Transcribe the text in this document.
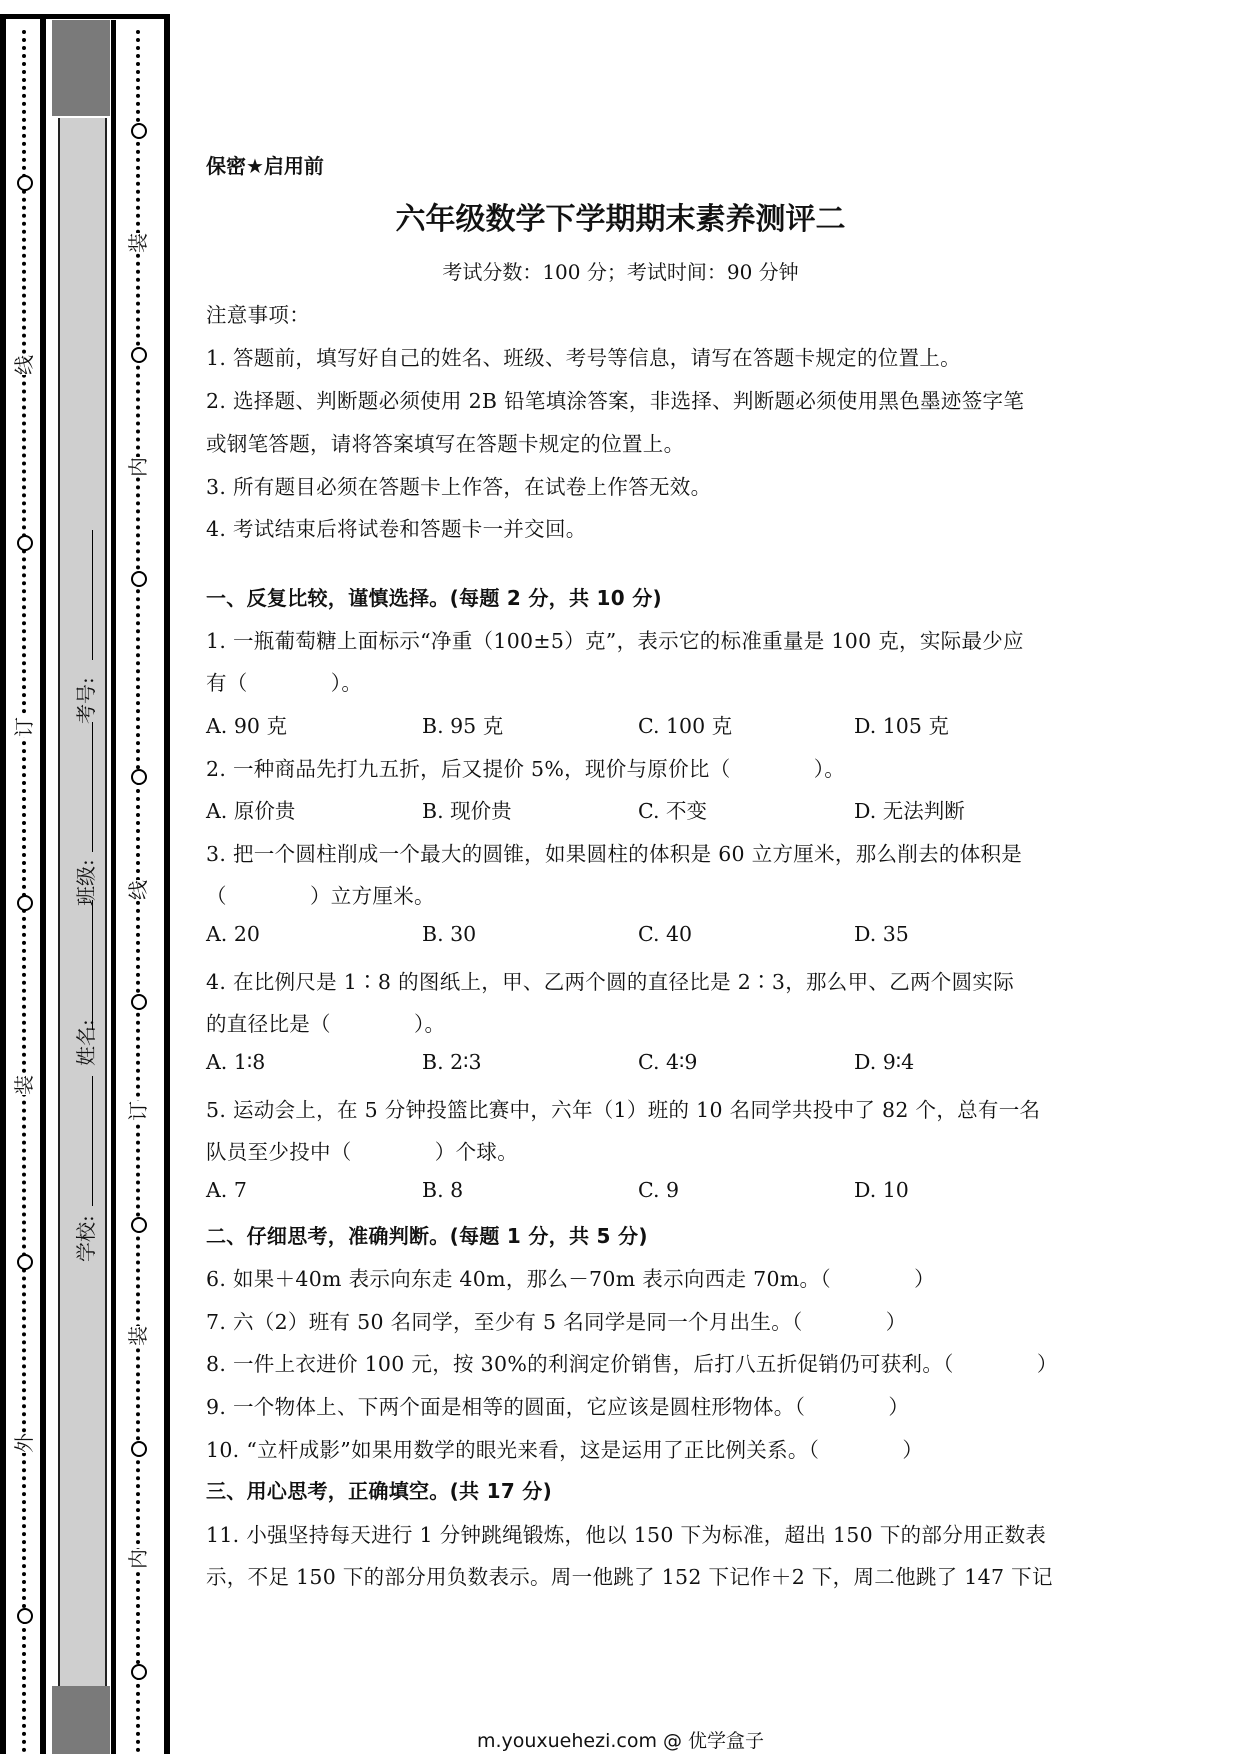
线
订
装
外
装
内
线
订
装
内
学校:
姓名:
班级:
考号:
保密★启用前
六年级数学下学期期末素养测评二
考试分数：100 分；考试时间：90 分钟
注意事项：
1. 答题前，填写好自己的姓名、班级、考号等信息，请写在答题卡规定的位置上。
2. 选择题、判断题必须使用 2B 铅笔填涂答案，非选择、判断题必须使用黑色墨迹签字笔
或钢笔答题，请将答案填写在答题卡规定的位置上。
3. 所有题目必须在答题卡上作答，在试卷上作答无效。
4. 考试结束后将试卷和答题卡一并交回。
一、反复比较，谨慎选择。(每题 2 分，共 10 分)
1. 一瓶葡萄糖上面标示“净重（100±5）克”，表示它的标准重量是 100 克，实际最少应
有（　　　　）。
A. 90 克	B. 95 克	C. 100 克	D. 105 克
2. 一种商品先打九五折，后又提价 5%，现价与原价比（　　　　）。
A. 原价贵	B. 现价贵	C. 不变	D. 无法判断
3. 把一个圆柱削成一个最大的圆锥，如果圆柱的体积是 60 立方厘米，那么削去的体积是
（　　　　）立方厘米。
A. 20	B. 30	C. 40	D. 35
4. 在比例尺是 1∶8 的图纸上，甲、乙两个圆的直径比是 2∶3，那么甲、乙两个圆实际
的直径比是（　　　　）。
A. 1∶8	B. 2∶3	C. 4∶9	D. 9∶4
5. 运动会上，在 5 分钟投篮比赛中，六年（1）班的 10 名同学共投中了 82 个，总有一名
队员至少投中（　　　　）个球。
A. 7	B. 8	C. 9	D. 10
二、仔细思考，准确判断。(每题 1 分，共 5 分)
6. 如果＋40m 表示向东走 40m，那么－70m 表示向西走 70m。（　　　　）
7. 六（2）班有 50 名同学，至少有 5 名同学是同一个月出生。（　　　　）
8. 一件上衣进价 100 元，按 30%的利润定价销售，后打八五折促销仍可获利。（　　　　）
9. 一个物体上、下两个面是相等的圆面，它应该是圆柱形物体。（　　　　）
10. “立杆成影”如果用数学的眼光来看，这是运用了正比例关系。（　　　　）
三、用心思考，正确填空。(共 17 分)
11. 小强坚持每天进行 1 分钟跳绳锻炼，他以 150 下为标准，超出 150 下的部分用正数表
示，不足 150 下的部分用负数表示。周一他跳了 152 下记作＋2 下，周二他跳了 147 下记
m.youxuehezi.com @ 优学盒子
